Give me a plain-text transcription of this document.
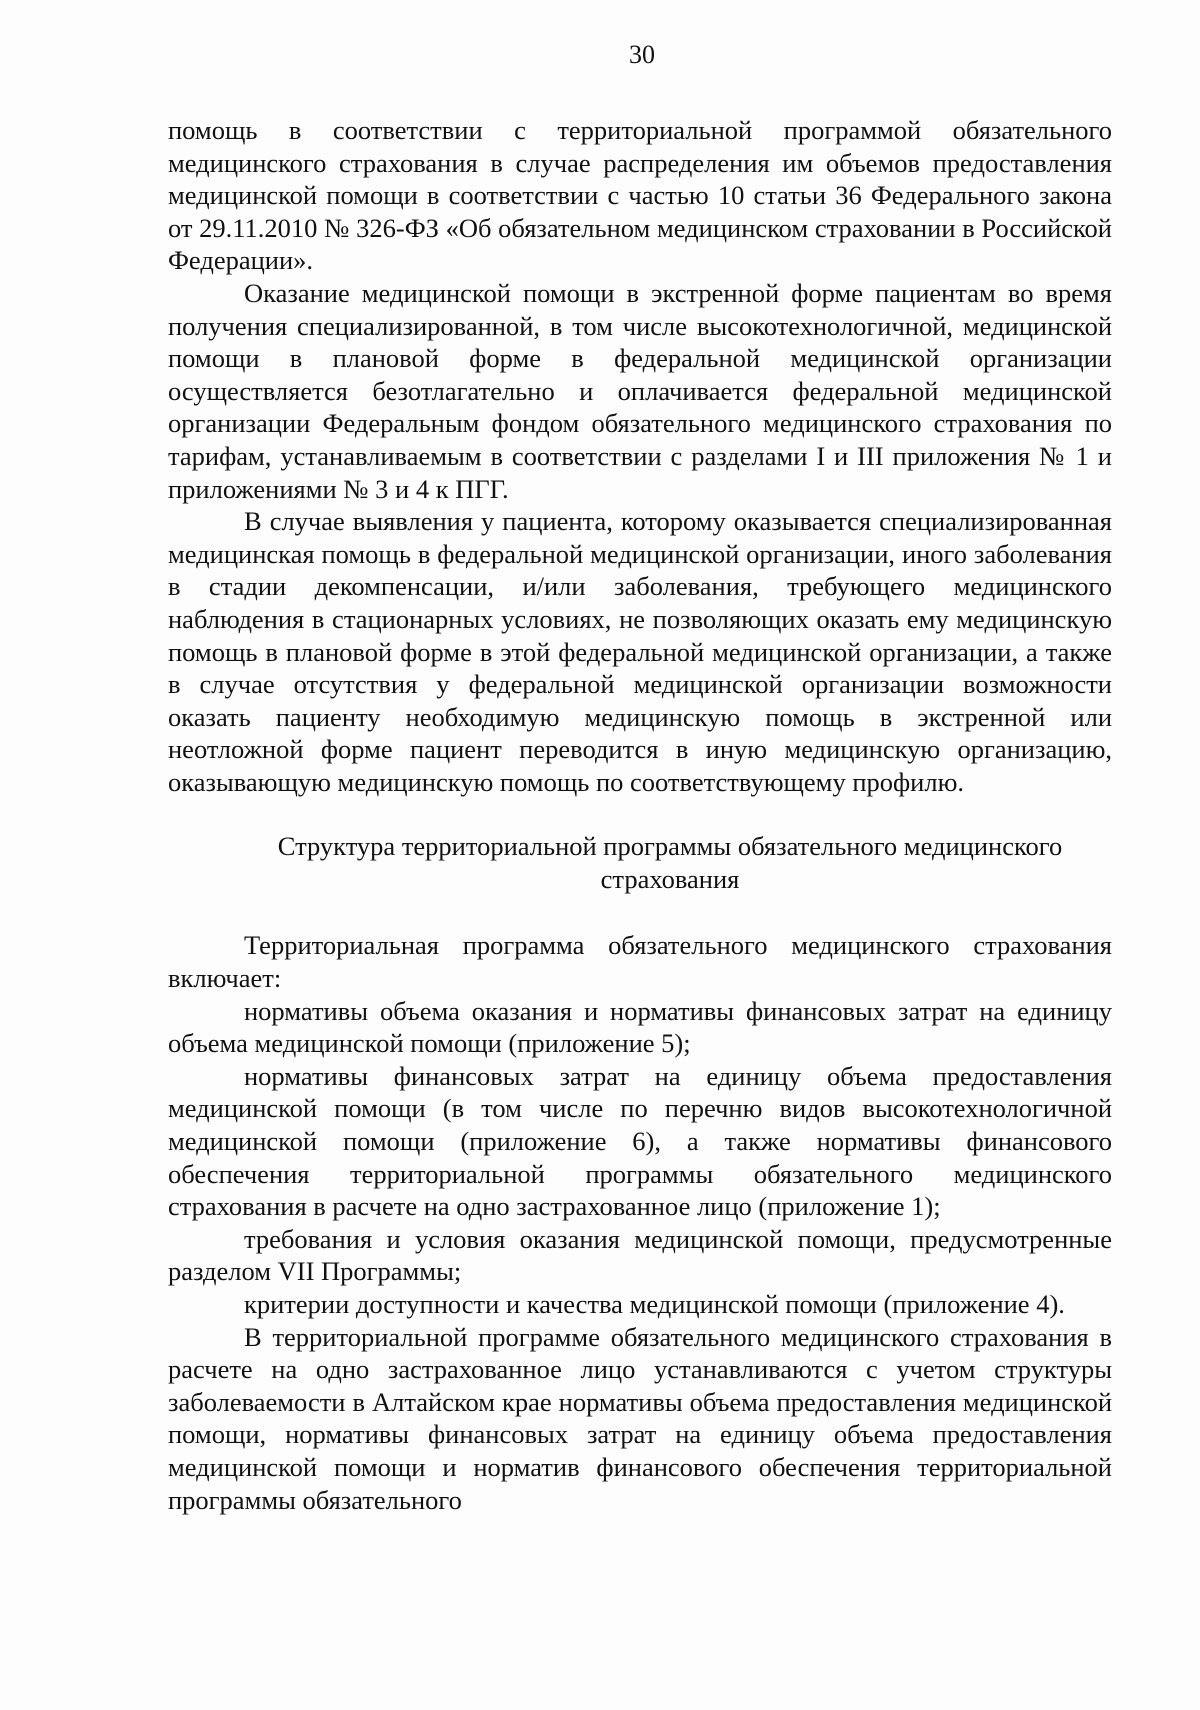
30

помощь в соответствии с территориальной программой обязательного медицинского страхования в случае распределения им объемов предоставления медицинской помощи в соответствии с частью 10 статьи 36 Федерального закона от 29.11.2010 № 326-ФЗ «Об обязательном медицинском страховании в Российской Федерации».

Оказание медицинской помощи в экстренной форме пациентам во время получения специализированной, в том числе высокотехнологичной, медицинской помощи в плановой форме в федеральной медицинской организации осуществляется безотлагательно и оплачивается федеральной медицинской организации Федеральным фондом обязательного медицинского страхования по тарифам, устанавливаемым в соответствии с разделами I и III приложения № 1 и приложениями № 3 и 4 к ПГГ.

В случае выявления у пациента, которому оказывается специализированная медицинская помощь в федеральной медицинской организации, иного заболевания в стадии декомпенсации, и/или заболевания, требующего медицинского наблюдения в стационарных условиях, не позволяющих оказать ему медицинскую помощь в плановой форме в этой федеральной медицинской организации, а также в случае отсутствия у федеральной медицинской организации возможности оказать пациенту необходимую медицинскую помощь в экстренной или неотложной форме пациент переводится в иную медицинскую организацию, оказывающую медицинскую помощь по соответствующему профилю.

Структура территориальной программы обязательного медицинского
страхования

Территориальная программа обязательного медицинского страхования включает:

нормативы объема оказания и нормативы финансовых затрат на единицу объема медицинской помощи (приложение 5);

нормативы финансовых затрат на единицу объема предоставления медицинской помощи (в том числе по перечню видов высокотехнологичной медицинской помощи (приложение 6), а также нормативы финансового обеспечения территориальной программы обязательного медицинского страхования в расчете на одно застрахованное лицо (приложение 1);

требования и условия оказания медицинской помощи, предусмотренные разделом VII Программы;

критерии доступности и качества медицинской помощи (приложение 4).

В территориальной программе обязательного медицинского страхования в расчете на одно застрахованное лицо устанавливаются с учетом структуры заболеваемости в Алтайском крае нормативы объема предоставления медицинской помощи, нормативы финансовых затрат на единицу объема предоставления медицинской помощи и норматив финансового обеспечения территориальной программы обязательного
